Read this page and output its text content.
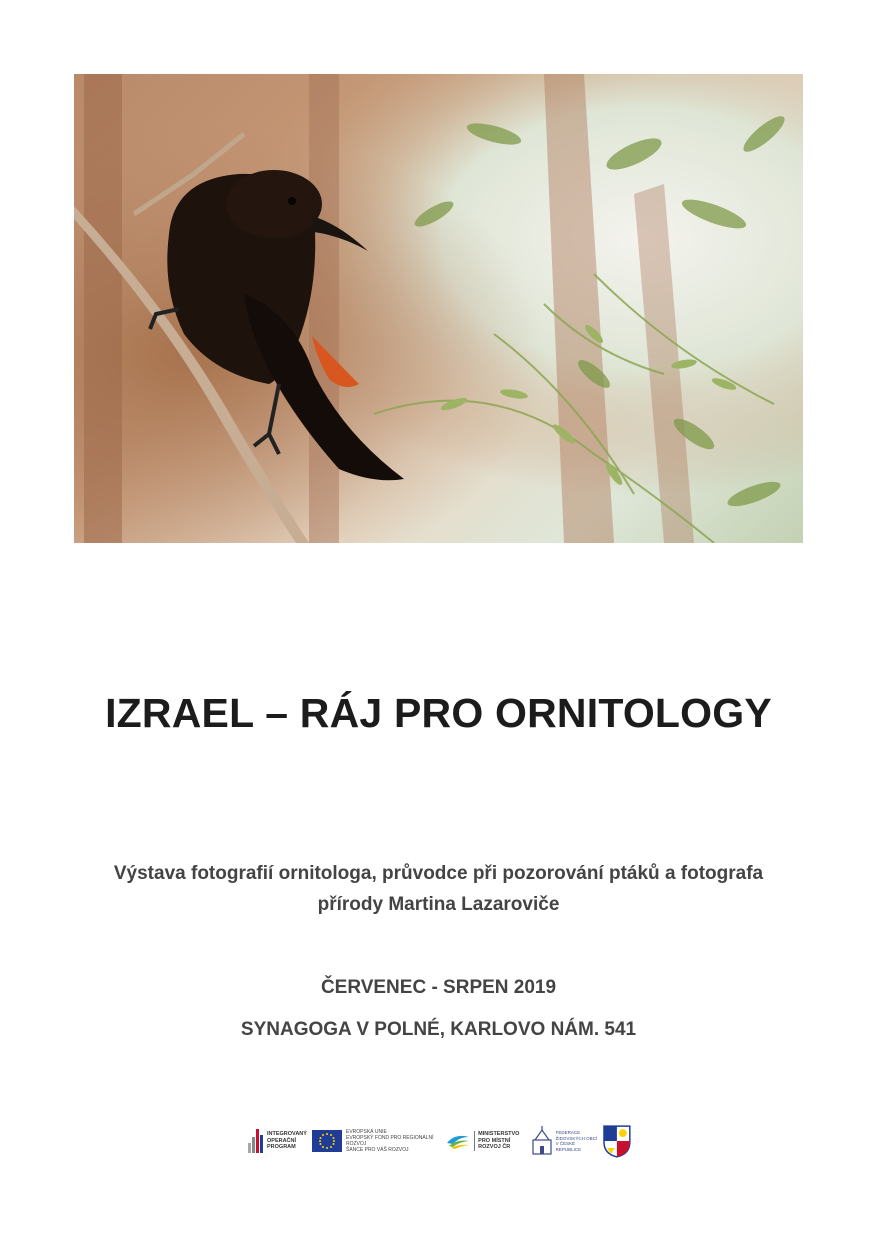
IZRAEL – RÁJ PRO ORNITOLOGY
Výstava fotografií ornitologa, průvodce při pozorování ptáků a fotografa
přírody Martina Lazaroviče
ČERVENEC - SRPEN 2019
SYNAGOGA V POLNÉ, KARLOVO NÁM. 541
INTEGROVANÝ
OPERAČNÍ
PROGRAM
EVROPSKÁ UNIE
EVROPSKÝ FOND PRO REGIONÁLNÍ ROZVOJ
ŠANCE PRO VÁŠ ROZVOJ
MINISTERSTVO
PRO MÍSTNÍ
ROZVOJ ČR
FEDERACE
ŽIDOVSKÝCH OBCÍ
V ČESKÉ REPUBLICE
